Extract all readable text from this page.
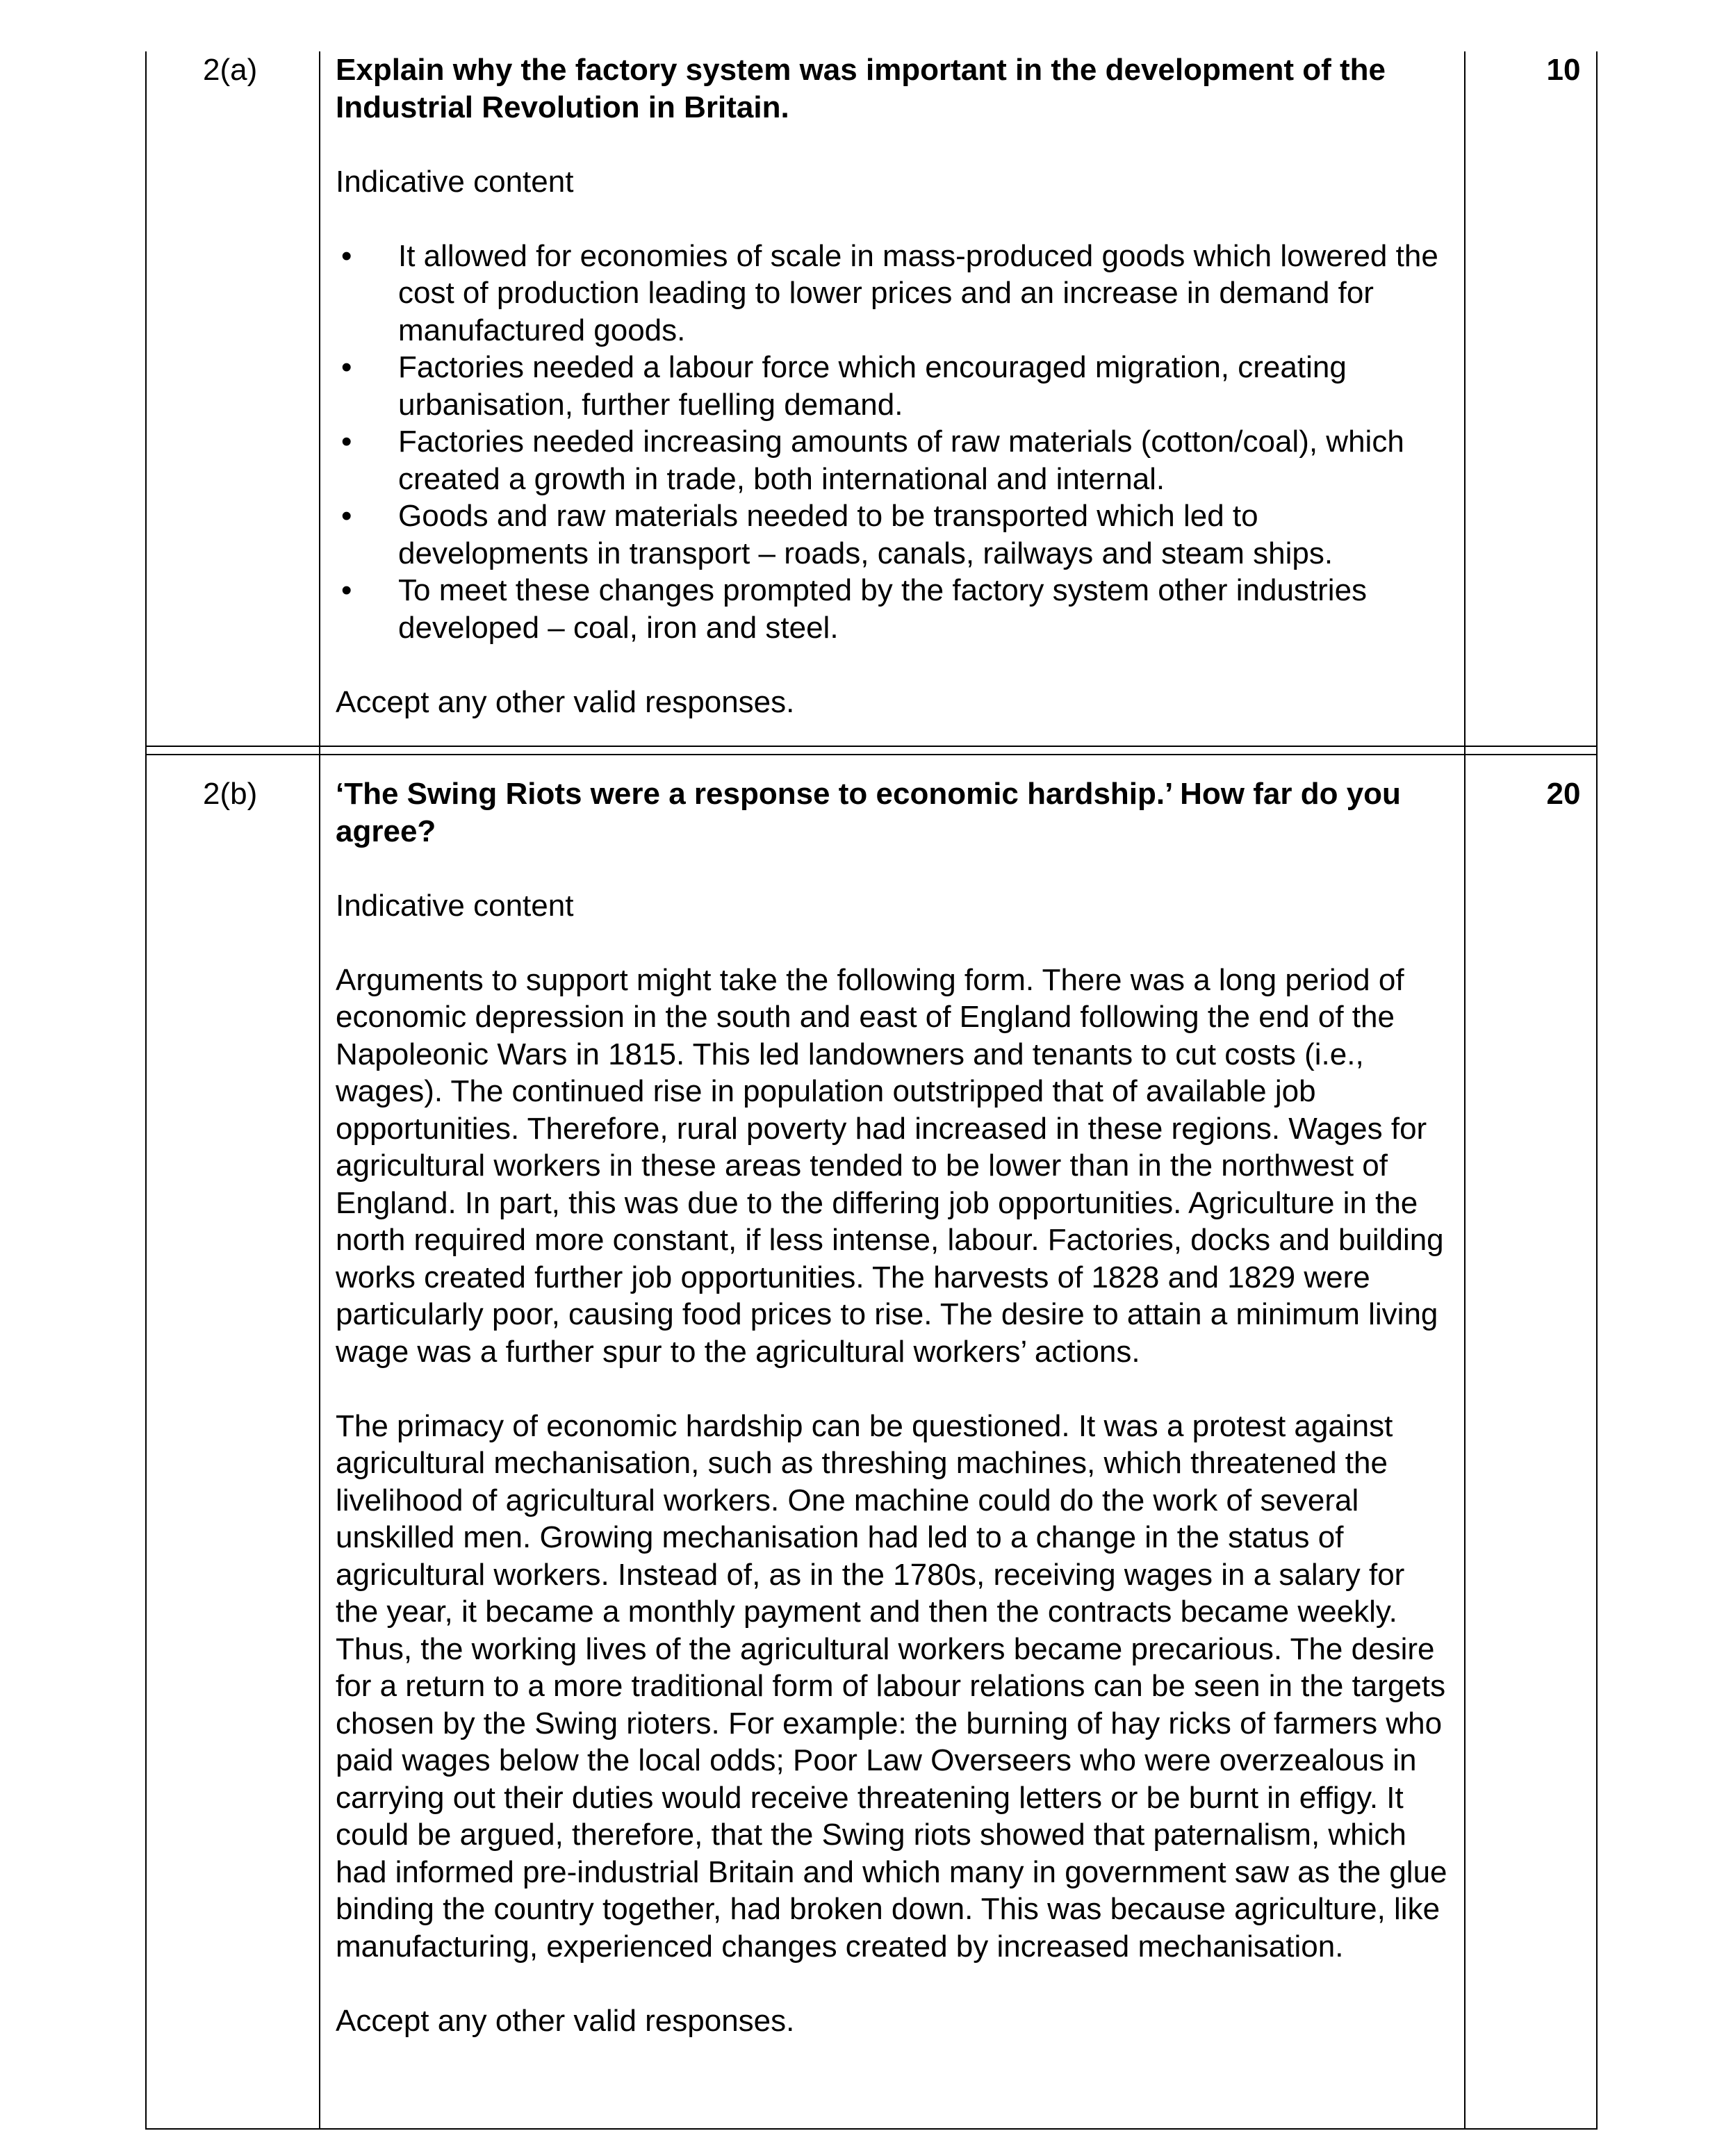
2(a)	10

Explain why the factory system was important in the development of the Industrial Revolution in Britain.

Indicative content

• It allowed for economies of scale in mass-produced goods which lowered the cost of production leading to lower prices and an increase in demand for manufactured goods.
• Factories needed a labour force which encouraged migration, creating urbanisation, further fuelling demand.
• Factories needed increasing amounts of raw materials (cotton/coal), which created a growth in trade, both international and internal.
• Goods and raw materials needed to be transported which led to developments in transport – roads, canals, railways and steam ships.
• To meet these changes prompted by the factory system other industries developed – coal, iron and steel.

Accept any other valid responses.

2(b)	20

‘The Swing Riots were a response to economic hardship.’ How far do you agree?

Indicative content

Arguments to support might take the following form. There was a long period of economic depression in the south and east of England following the end of the Napoleonic Wars in 1815. This led landowners and tenants to cut costs (i.e., wages). The continued rise in population outstripped that of available job opportunities. Therefore, rural poverty had increased in these regions. Wages for agricultural workers in these areas tended to be lower than in the northwest of England. In part, this was due to the differing job opportunities. Agriculture in the north required more constant, if less intense, labour. Factories, docks and building works created further job opportunities. The harvests of 1828 and 1829 were particularly poor, causing food prices to rise. The desire to attain a minimum living wage was a further spur to the agricultural workers’ actions.

The primacy of economic hardship can be questioned. It was a protest against agricultural mechanisation, such as threshing machines, which threatened the livelihood of agricultural workers. One machine could do the work of several unskilled men. Growing mechanisation had led to a change in the status of agricultural workers. Instead of, as in the 1780s, receiving wages in a salary for the year, it became a monthly payment and then the contracts became weekly. Thus, the working lives of the agricultural workers became precarious. The desire for a return to a more traditional form of labour relations can be seen in the targets chosen by the Swing rioters. For example: the burning of hay ricks of farmers who paid wages below the local odds; Poor Law Overseers who were overzealous in carrying out their duties would receive threatening letters or be burnt in effigy. It could be argued, therefore, that the Swing riots showed that paternalism, which had informed pre-industrial Britain and which many in government saw as the glue binding the country together, had broken down. This was because agriculture, like manufacturing, experienced changes created by increased mechanisation.

Accept any other valid responses.
